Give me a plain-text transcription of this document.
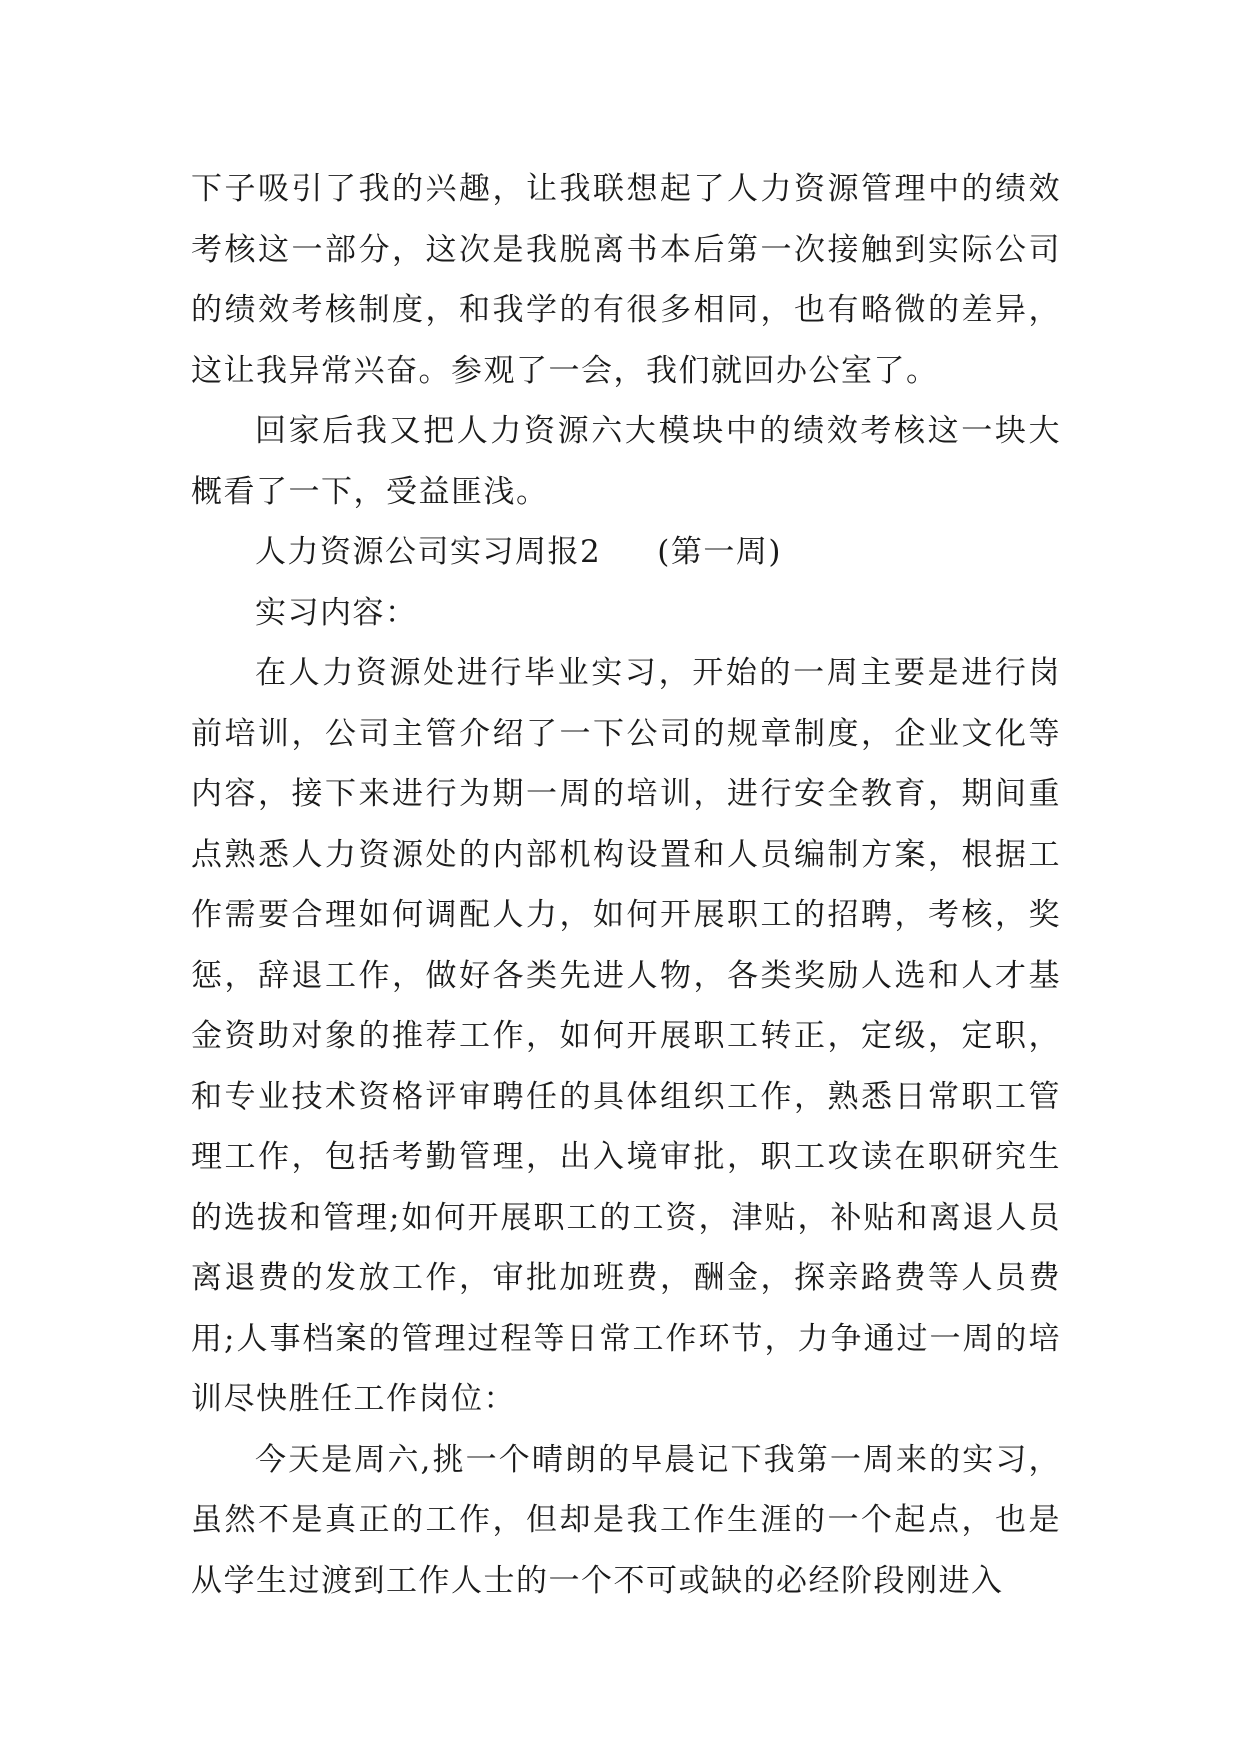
下子吸引了我的兴趣，让我联想起了人力资源管理中的绩效考核这一部分，这次是我脱离书本后第一次接触到实际公司的绩效考核制度，和我学的有很多相同，也有略微的差异，这让我异常兴奋。参观了一会，我们就回办公室了。

回家后我又把人力资源六大模块中的绩效考核这一块大概看了一下，受益匪浅。

人力资源公司实习周报2 (第一周)

实习内容：

在人力资源处进行毕业实习，开始的一周主要是进行岗前培训，公司主管介绍了一下公司的规章制度，企业文化等内容，接下来进行为期一周的培训，进行安全教育，期间重点熟悉人力资源处的内部机构设置和人员编制方案，根据工作需要合理如何调配人力，如何开展职工的招聘，考核，奖惩，辞退工作，做好各类先进人物，各类奖励人选和人才基金资助对象的推荐工作，如何开展职工转正，定级，定职，和专业技术资格评审聘任的具体组织工作，熟悉日常职工管理工作，包括考勤管理，出入境审批，职工攻读在职研究生的选拔和管理;如何开展职工的工资，津贴，补贴和离退人员离退费的发放工作，审批加班费，酬金，探亲路费等人员费用;人事档案的管理过程等日常工作环节，力争通过一周的培训尽快胜任工作岗位：

今天是周六,挑一个晴朗的早晨记下我第一周来的实习，虽然不是真正的工作，但却是我工作生涯的一个起点，也是从学生过渡到工作人士的一个不可或缺的必经阶段刚进入
